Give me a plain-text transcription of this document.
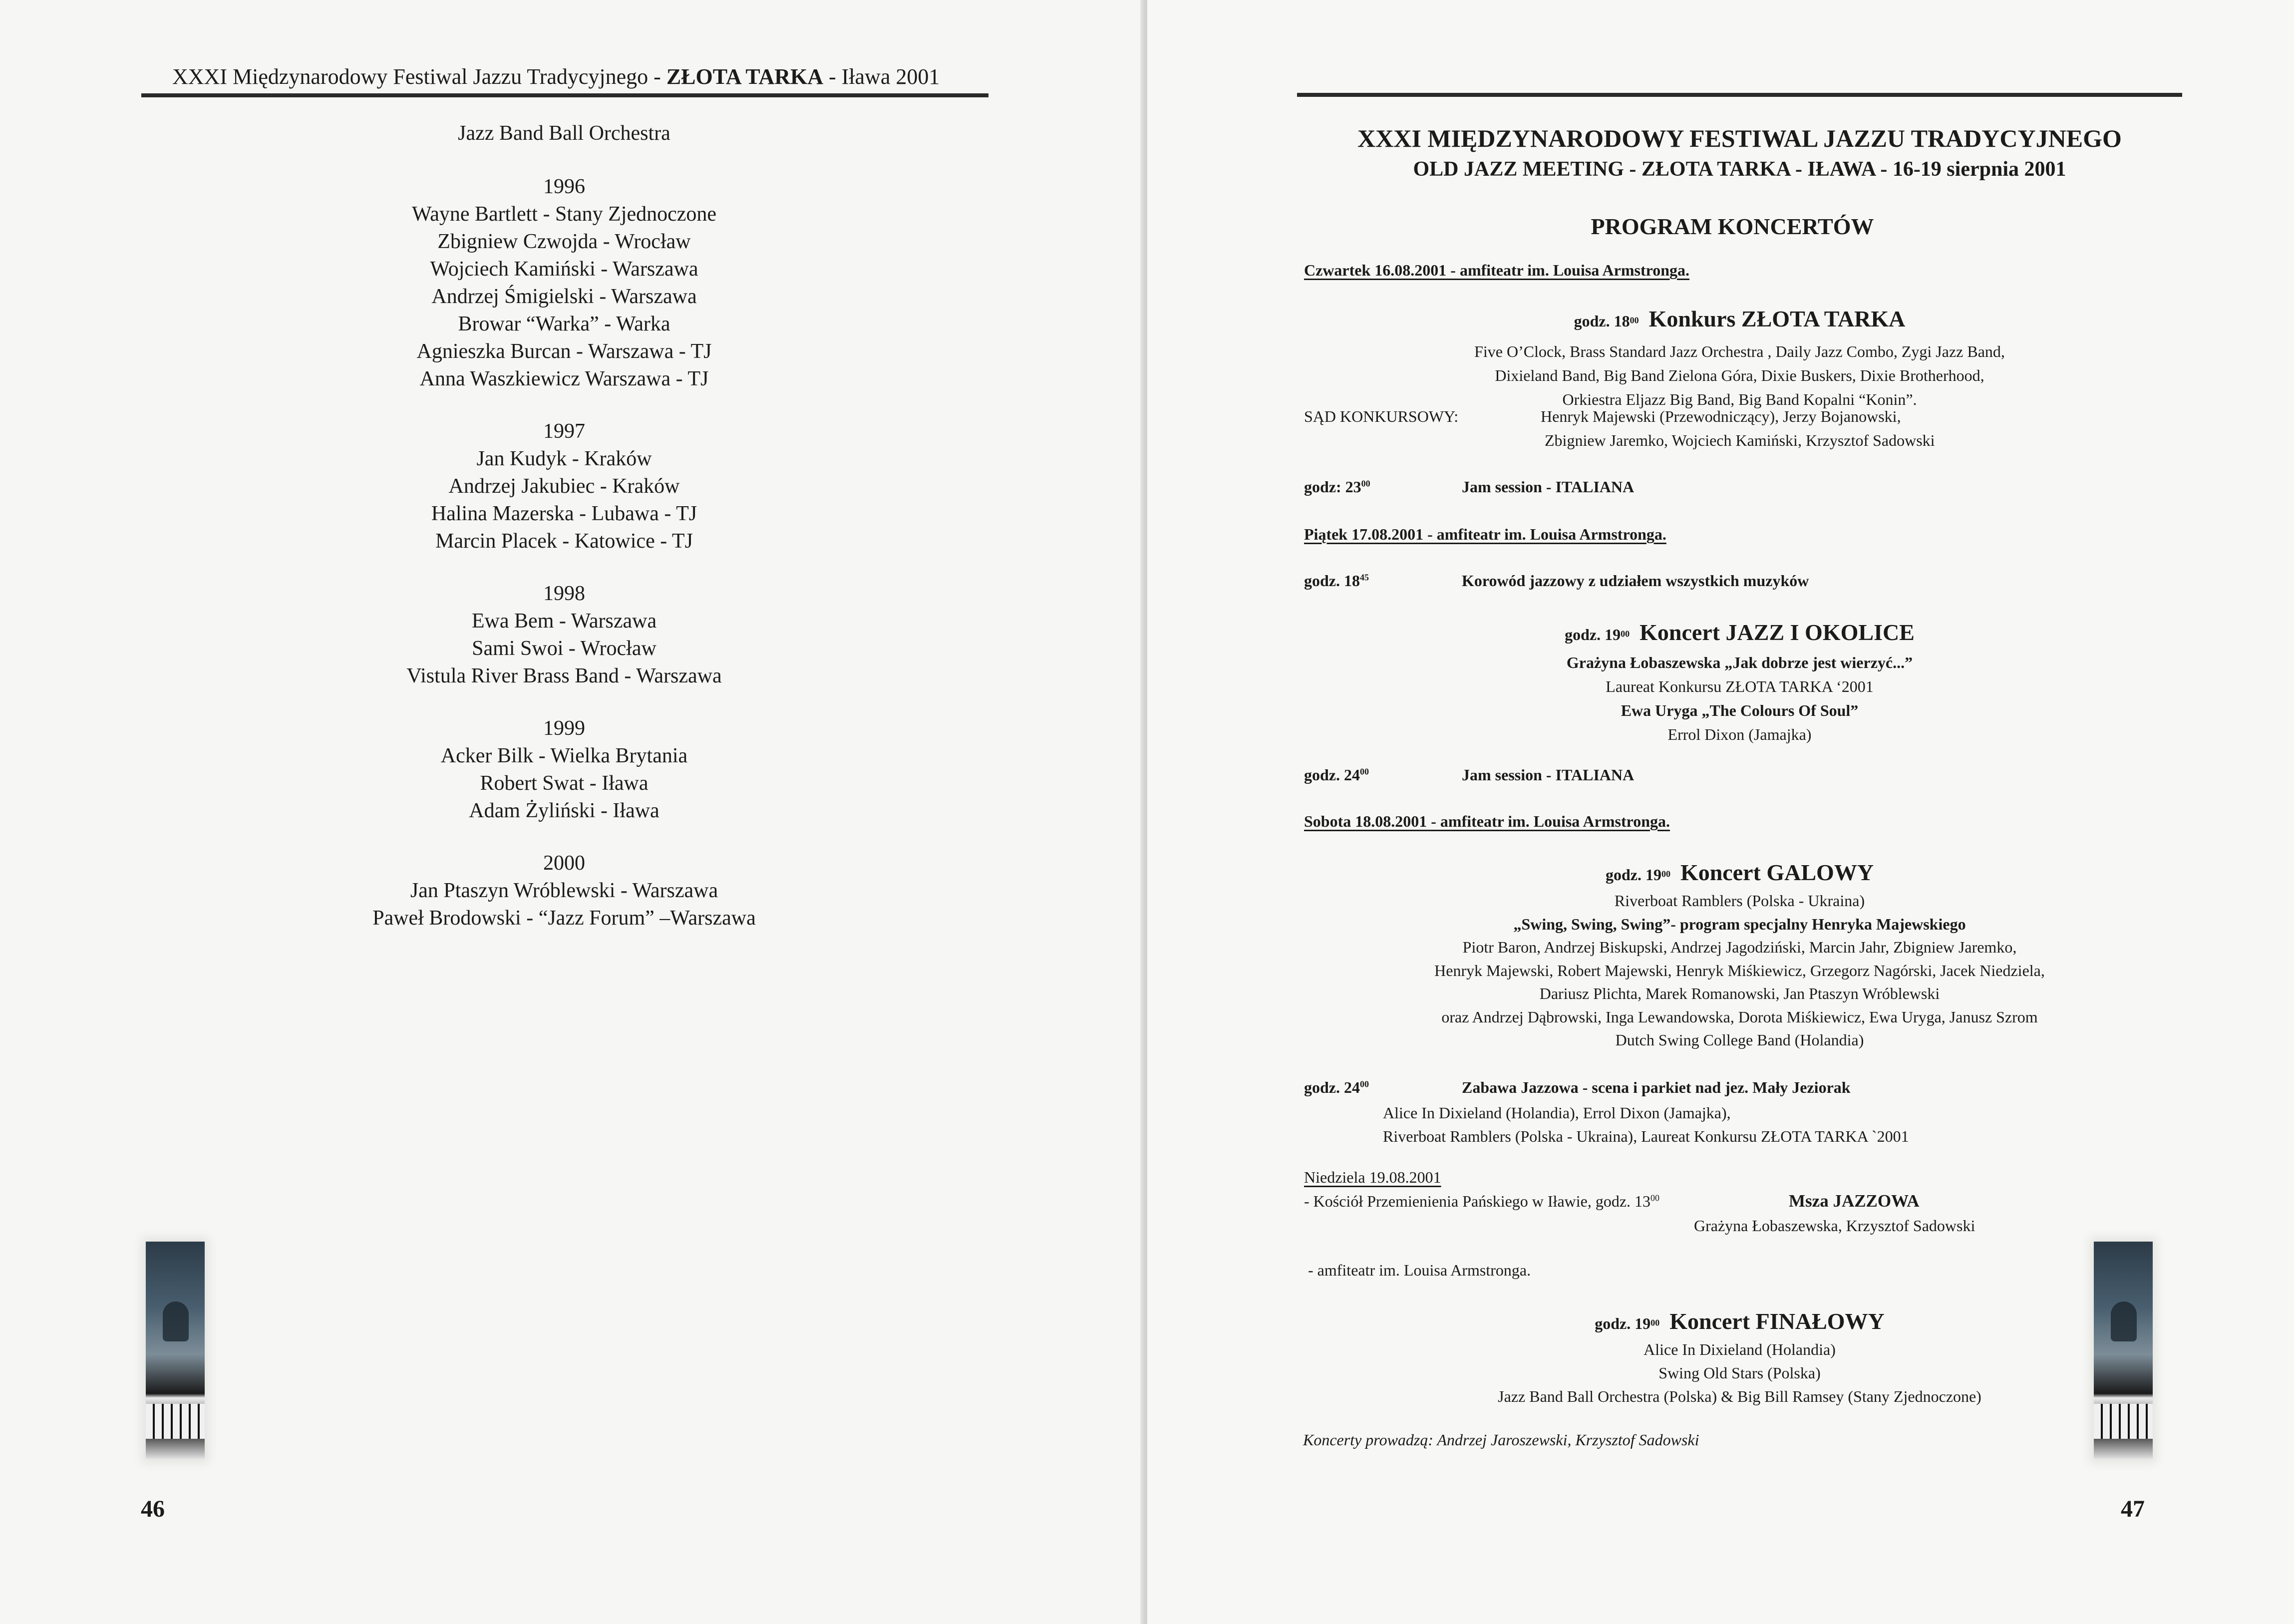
XXXI Międzynarodowy Festiwal Jazzu Tradycyjnego - ZŁOTA TARKA - Iława 2001
Jazz Band Ball Orchestra
1996
Wayne Bartlett - Stany Zjednoczone
Zbigniew Czwojda - Wrocław
Wojciech Kamiński - Warszawa
Andrzej Śmigielski - Warszawa
Browar “Warka” - Warka
Agnieszka Burcan - Warszawa - TJ
Anna Waszkiewicz Warszawa - TJ
1997
Jan Kudyk - Kraków
Andrzej Jakubiec - Kraków
Halina Mazerska - Lubawa - TJ
Marcin Placek - Katowice - TJ
1998
Ewa Bem - Warszawa
Sami Swoi - Wrocław
Vistula River Brass Band - Warszawa
1999
Acker Bilk - Wielka Brytania
Robert Swat - Iława
Adam Żyliński - Iława
2000
Jan Ptaszyn Wróblewski - Warszawa
Paweł Brodowski - “Jazz Forum” –Warszawa
46
XXXI MIĘDZYNARODOWY FESTIWAL JAZZU TRADYCYJNEGO
OLD JAZZ MEETING - ZŁOTA TARKA - IŁAWA - 16-19 sierpnia 2001
PROGRAM KONCERTÓW
Czwartek 16.08.2001 - amfiteatr im. Louisa Armstronga.
godz. $18^{00}$ Konkurs ZŁOTA TARKA
Five O’Clock, Brass Standard Jazz Orchestra , Daily Jazz Combo, Zygi Jazz Band,
Dixieland Band, Big Band Zielona Góra, Dixie Buskers, Dixie Brotherhood,
Orkiestra Eljazz Big Band, Big Band Kopalni “Konin”.
SĄD KONKURSOWY:	Henryk Majewski (Przewodniczący), Jerzy Bojanowski,
Zbigniew Jaremko, Wojciech Kamiński, Krzysztof Sadowski
godz: $23^{00}$	Jam session - ITALIANA
Piątek 17.08.2001 - amfiteatr im. Louisa Armstronga.
godz. $18^{45}$	Korowód jazzowy z udziałem wszystkich muzyków
godz. $19^{00}$ Koncert JAZZ I OKOLICE
Grażyna Łobaszewska „Jak dobrze jest wierzyć...”
Laureat Konkursu ZŁOTA TARKA ‘2001
Ewa Uryga „The Colours Of Soul”
Errol Dixon (Jamajka)
godz. $24^{00}$	Jam session - ITALIANA
Sobota 18.08.2001 - amfiteatr im. Louisa Armstronga.
godz. $19^{00}$ Koncert GALOWY
Riverboat Ramblers (Polska - Ukraina)
„Swing, Swing, Swing”- program specjalny Henryka Majewskiego
Piotr Baron, Andrzej Biskupski, Andrzej Jagodziński, Marcin Jahr, Zbigniew Jaremko,
Henryk Majewski, Robert Majewski, Henryk Miśkiewicz, Grzegorz Nagórski, Jacek Niedziela,
Dariusz Plichta, Marek Romanowski, Jan Ptaszyn Wróblewski
oraz Andrzej Dąbrowski, Inga Lewandowska, Dorota Miśkiewicz, Ewa Uryga, Janusz Szrom
Dutch Swing College Band (Holandia)
godz. $24^{00}$	Zabawa Jazzowa - scena i parkiet nad jez. Mały Jeziorak
Alice In Dixieland (Holandia), Errol Dixon (Jamajka),
Riverboat Ramblers (Polska - Ukraina), Laureat Konkursu ZŁOTA TARKA `2001
Niedziela 19.08.2001
- Kościół Przemienienia Pańskiego w Iławie, godz. $13^{00}$	Msza JAZZOWA
Grażyna Łobaszewska, Krzysztof Sadowski
- amfiteatr im. Louisa Armstronga.
godz. $19^{00}$ Koncert FINAŁOWY
Alice In Dixieland (Holandia)
Swing Old Stars (Polska)
Jazz Band Ball Orchestra (Polska) & Big Bill Ramsey (Stany Zjednoczone)
Koncerty prowadzą: Andrzej Jaroszewski, Krzysztof Sadowski
47
